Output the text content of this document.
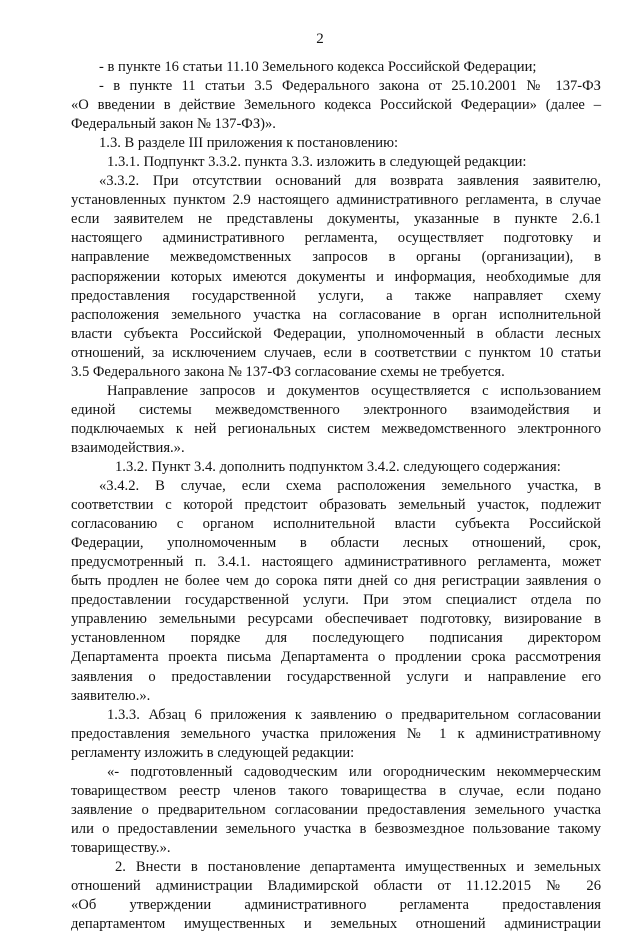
2

- в пункте 16 статьи 11.10 Земельного кодекса Российской Федерации;

- в пункте 11 статьи 3.5 Федерального закона от 25.10.2001 № 137-ФЗ

«О введении в действие Земельного кодекса Российской Федерации» (далее –

Федеральный закон № 137-ФЗ)».

1.3. В разделе III приложения к постановлению:

1.3.1. Подпункт 3.3.2. пункта 3.3. изложить в следующей редакции:

«3.3.2. При отсутствии оснований для возврата заявления заявителю,

установленных пунктом 2.9 настоящего административного регламента, в случае

если заявителем не представлены документы, указанные в пункте 2.6.1

настоящего административного регламента, осуществляет подготовку и

направление межведомственных запросов в органы (организации), в

распоряжении которых имеются документы и информация, необходимые для

предоставления государственной услуги, а также направляет схему

расположения земельного участка на согласование в орган исполнительной

власти субъекта Российской Федерации, уполномоченный в области лесных

отношений, за исключением случаев, если в соответствии с пунктом 10 статьи

3.5 Федерального закона № 137-ФЗ согласование схемы не требуется.

Направление запросов и документов осуществляется с использованием

единой системы межведомственного электронного взаимодействия и

подключаемых к ней региональных систем межведомственного электронного

взаимодействия.».

1.3.2. Пункт 3.4. дополнить подпунктом 3.4.2. следующего содержания:

«3.4.2. В случае, если схема расположения земельного участка, в

соответствии с которой предстоит образовать земельный участок, подлежит

согласованию с органом исполнительной власти субъекта Российской

Федерации, уполномоченным в области лесных отношений, срок,

предусмотренный п. 3.4.1. настоящего административного регламента, может

быть продлен не более чем до сорока пяти дней со дня регистрации заявления о

предоставлении государственной услуги. При этом специалист отдела по

управлению земельными ресурсами обеспечивает подготовку, визирование в

установленном порядке для последующего подписания директором

Департамента проекта письма Департамента о продлении срока рассмотрения

заявления о предоставлении государственной услуги и направление его

заявителю.».

1.3.3. Абзац 6 приложения к заявлению о предварительном согласовании

предоставления земельного участка приложения № 1 к административному

регламенту изложить в следующей редакции:

«- подготовленный садоводческим или огородническим некоммерческим

товариществом реестр членов такого товарищества в случае, если подано

заявление о предварительном согласовании предоставления земельного участка

или о предоставлении земельного участка в безвозмездное пользование такому

товариществу.».

2. Внести в постановление департамента имущественных и земельных

отношений администрации Владимирской области от 11.12.2015 № 26

«Об утверждении административного регламента предоставления

департаментом имущественных и земельных отношений администрации
